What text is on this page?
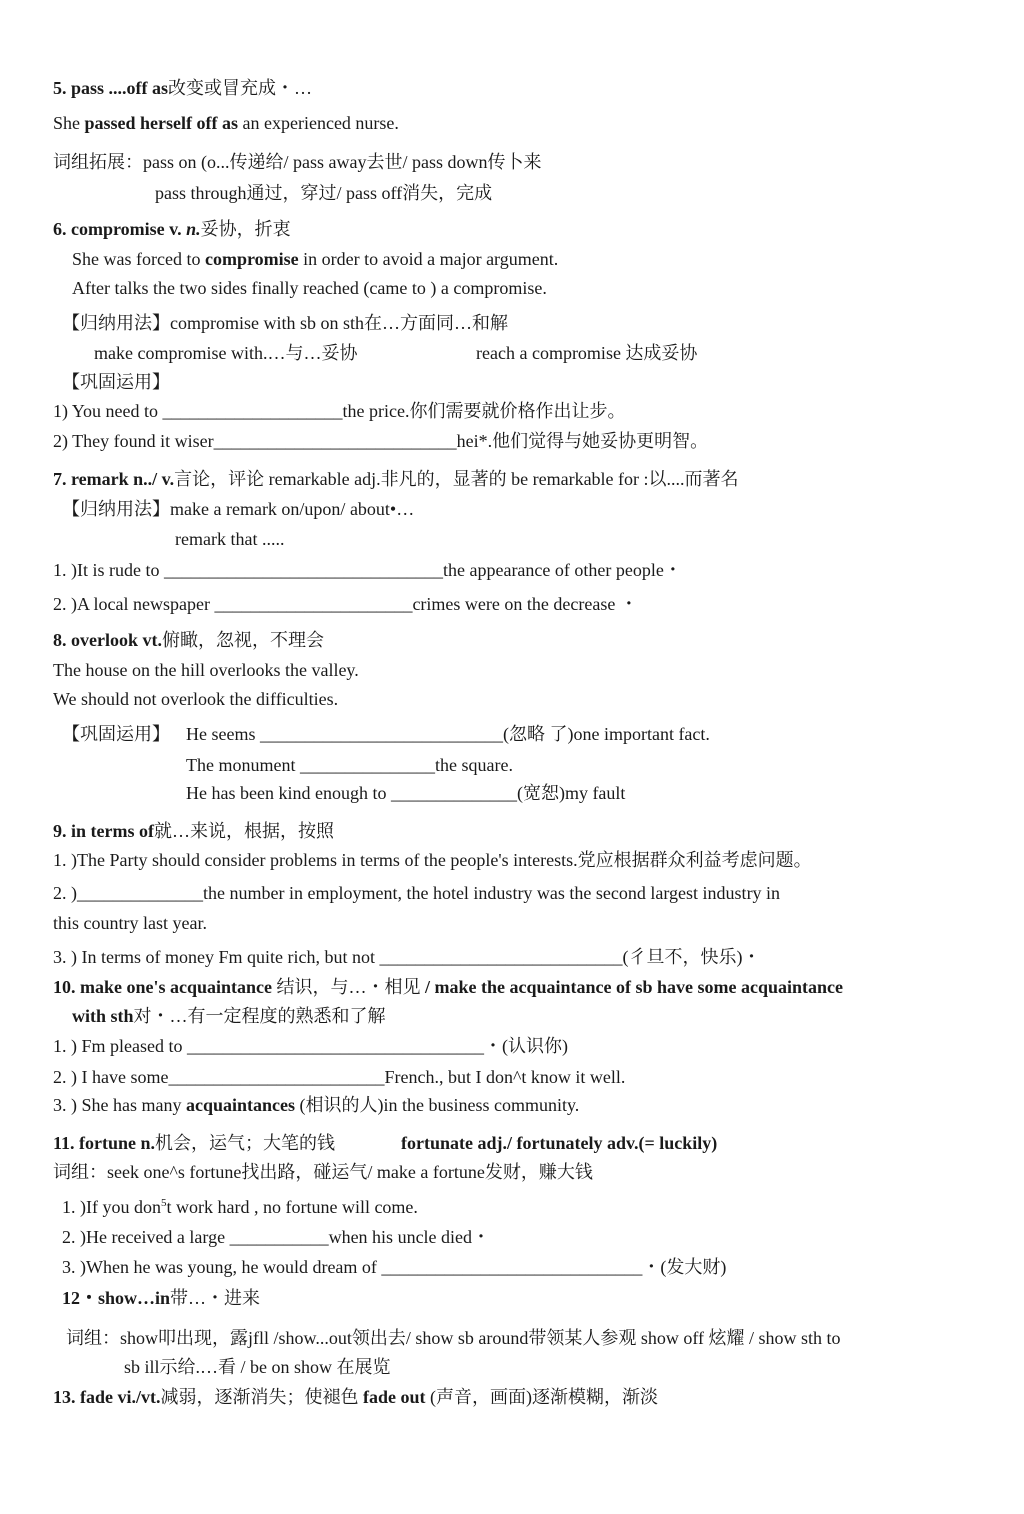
5. pass ....off as改变或冒充成・…
She passed herself off as an experienced nurse.
词组拓展：pass on (o...传递给/ pass away去世/ pass down传卜来
pass through通过，穿过/ pass off消失，完成
6. compromise v. n.妥协，折衷
She was forced to compromise in order to avoid a major argument.
After talks the two sides finally reached (came to ) a compromise.
【归纳用法】compromise with sb on sth在…方面同…和解
make compromise with.…与…妥协	reach a compromise 达成妥协
【巩固运用】
1) You need to ____________________the price.你们需要就价格作出让步。
2) They found it wiser___________________________hei*.他们觉得与她妥协更明智。
7. remark n../ v.言论，评论 remarkable adj.非凡的，显著的 be remarkable for :以....而著名
【归纳用法】make a remark on/upon/ about•…
remark that .....
1. )It is rude to _______________________________the appearance of other people・
2. )A local newspaper ______________________crimes were on the decrease ・
8. overlook vt.俯瞰，忽视，不理会
The house on the hill overlooks the valley.
We should not overlook the difficulties.
【巩固运用】 He seems ___________________________(忽略 了)one important fact.
The monument _______________the square.
He has been kind enough to ______________(宽恕)my fault
9. in terms of就…来说，根据，按照
1. )The Party should consider problems in terms of the people's interests.党应根据群众利益考虑问题。
2. )______________the number in employment, the hotel industry was the second largest industry in
this country last year.
3. ) In terms of money Fm quite rich, but not ___________________________(彳旦不，快乐)・
10. make one's acquaintance 结识，与…・相见 / make the acquaintance of sb have some acquaintance
with sth对・…有一定程度的熟悉和了解
1. ) Fm pleased to _________________________________・(认识你)
2. ) I have some________________________French., but I don^t know it well.
3. ) She has many acquaintances (相识的人)in the business community.
11. fortune n.机会，运气；大笔的钱	fortunate adj./ fortunately adv.(= luckily)
词组：seek one^s fortune找出路，碰运气/ make a fortune发财，赚大钱
1. )If you don$^5$t work hard , no fortune will come.
2. )He received a large ___________when his uncle died・
3. )When he was young, he would dream of _____________________________・(发大财)
12・show…in带…・进来
词组：show叩出现，露jfll /show...out领出去/ show sb around带领某人参观 show off 炫耀 / show sth to
sb ill示给.…看 / be on show 在展览
13. fade vi./vt.减弱，逐渐消失；使褪色 fade out (声音，画面)逐渐模糊，渐淡
